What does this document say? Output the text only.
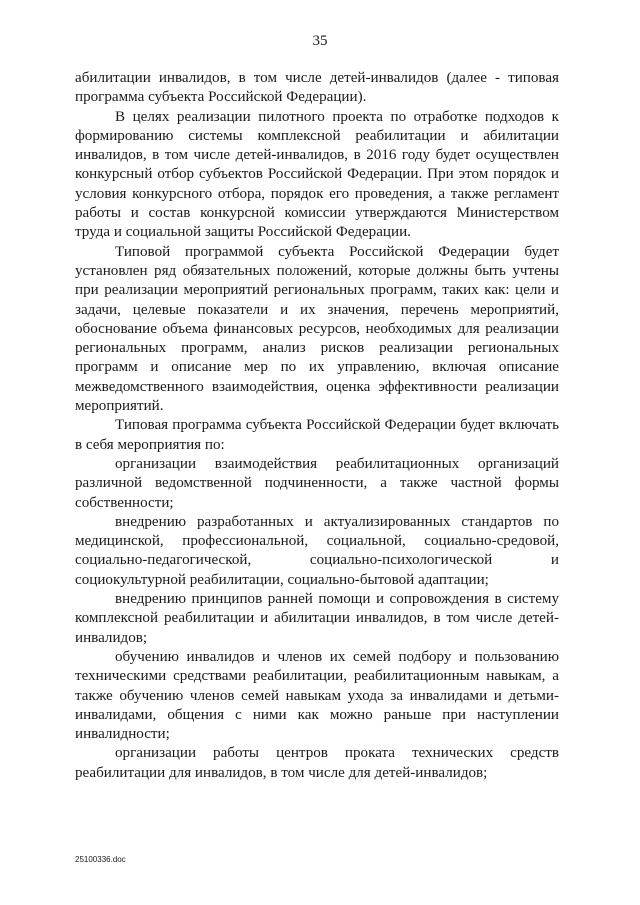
35

абилитации инвалидов, в том числе детей-инвалидов (далее - типовая программа субъекта Российской Федерации).

В целях реализации пилотного проекта по отработке подходов к формированию системы комплексной реабилитации и абилитации инвалидов, в том числе детей-инвалидов, в 2016 году будет осуществлен конкурсный отбор субъектов Российской Федерации. При этом порядок и условия конкурсного отбора, порядок его проведения, а также регламент работы и состав конкурсной комиссии утверждаются Министерством труда и социальной защиты Российской Федерации.

Типовой программой субъекта Российской Федерации будет установлен ряд обязательных положений, которые должны быть учтены при реализации мероприятий региональных программ, таких как: цели и задачи, целевые показатели и их значения, перечень мероприятий, обоснование объема финансовых ресурсов, необходимых для реализации региональных программ, анализ рисков реализации региональных программ и описание мер по их управлению, включая описание межведомственного взаимодействия, оценка эффективности реализации мероприятий.

Типовая программа субъекта Российской Федерации будет включать в себя мероприятия по:

организации взаимодействия реабилитационных организаций различной ведомственной подчиненности, а также частной формы собственности;

внедрению разработанных и актуализированных стандартов по медицинской, профессиональной, социальной, социально-средовой, социально-педагогической, социально-психологической и социокультурной реабилитации, социально-бытовой адаптации;

внедрению принципов ранней помощи и сопровождения в систему комплексной реабилитации и абилитации инвалидов, в том числе детей-инвалидов;

обучению инвалидов и членов их семей подбору и пользованию техническими средствами реабилитации, реабилитационным навыкам, а также обучению членов семей навыкам ухода за инвалидами и детьми-инвалидами, общения с ними как можно раньше при наступлении инвалидности;

организации работы центров проката технических средств реабилитации для инвалидов, в том числе для детей-инвалидов;

25100336.doc
